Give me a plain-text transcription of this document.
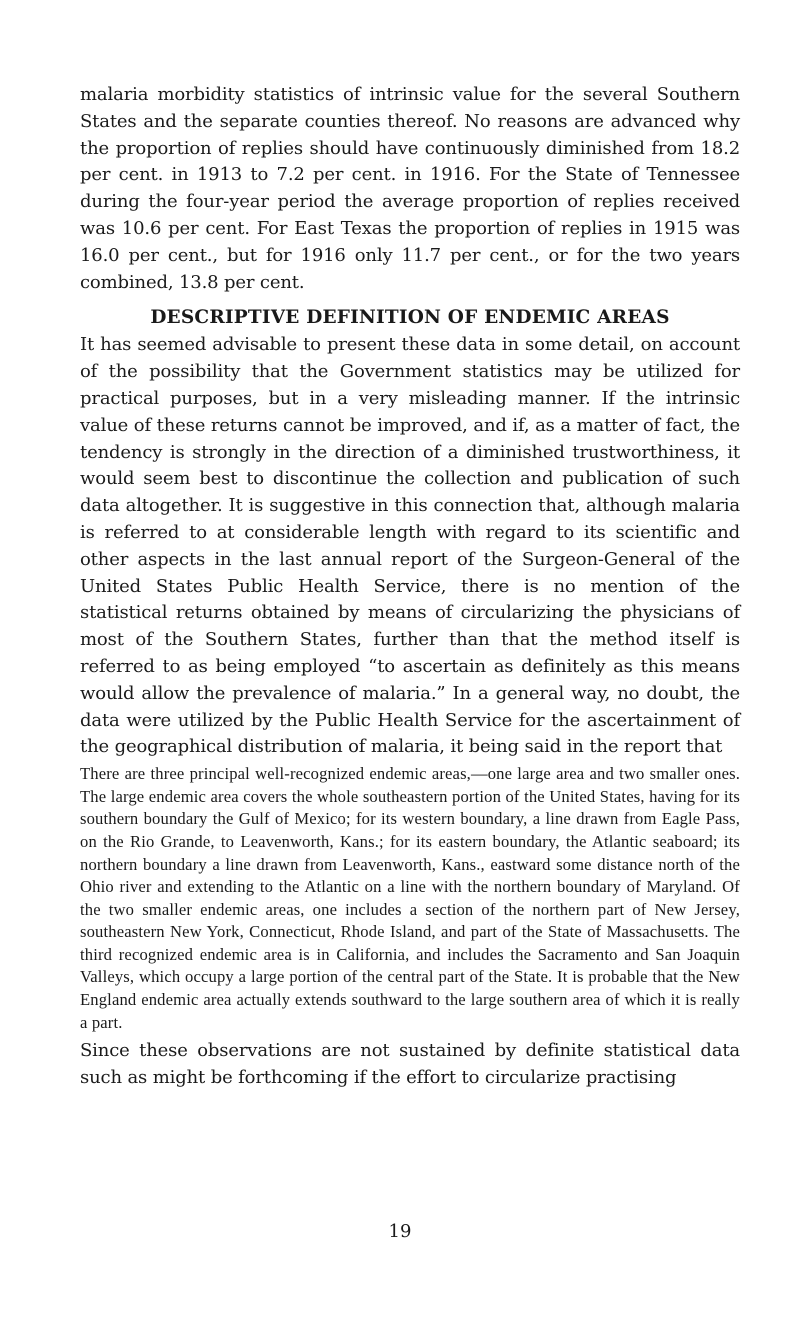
malaria morbidity statistics of intrinsic value for the several Southern States and the separate counties thereof. No reasons are advanced why the proportion of replies should have continuously diminished from 18.2 per cent. in 1913 to 7.2 per cent. in 1916. For the State of Tennessee during the four-year period the average proportion of replies received was 10.6 per cent. For East Texas the proportion of replies in 1915 was 16.0 per cent., but for 1916 only 11.7 per cent., or for the two years combined, 13.8 per cent.

DESCRIPTIVE DEFINITION OF ENDEMIC AREAS

It has seemed advisable to present these data in some detail, on account of the possibility that the Government statistics may be utilized for practical purposes, but in a very misleading manner. If the intrinsic value of these returns cannot be improved, and if, as a matter of fact, the tendency is strongly in the direction of a diminished trustworthiness, it would seem best to discontinue the collection and publication of such data altogether. It is suggestive in this connection that, although malaria is referred to at considerable length with regard to its scientific and other aspects in the last annual report of the Surgeon-General of the United States Public Health Service, there is no mention of the statistical returns obtained by means of circularizing the physicians of most of the Southern States, further than that the method itself is referred to as being employed “to ascertain as definitely as this means would allow the prevalence of malaria.” In a general way, no doubt, the data were utilized by the Public Health Service for the ascertainment of the geographical distribution of malaria, it being said in the report that

There are three principal well-recognized endemic areas,—one large area and two smaller ones. The large endemic area covers the whole southeastern portion of the United States, having for its southern boundary the Gulf of Mexico; for its western boundary, a line drawn from Eagle Pass, on the Rio Grande, to Leavenworth, Kans.; for its eastern boundary, the Atlantic seaboard; its northern boundary a line drawn from Leavenworth, Kans., eastward some distance north of the Ohio river and extending to the Atlantic on a line with the northern boundary of Maryland. Of the two smaller endemic areas, one includes a section of the northern part of New Jersey, southeastern New York, Connecticut, Rhode Island, and part of the State of Massachusetts. The third recognized endemic area is in California, and includes the Sacramento and San Joaquin Valleys, which occupy a large portion of the central part of the State. It is probable that the New England endemic area actually extends southward to the large southern area of which it is really a part.

Since these observations are not sustained by definite statistical data such as might be forthcoming if the effort to circularize practising

19
